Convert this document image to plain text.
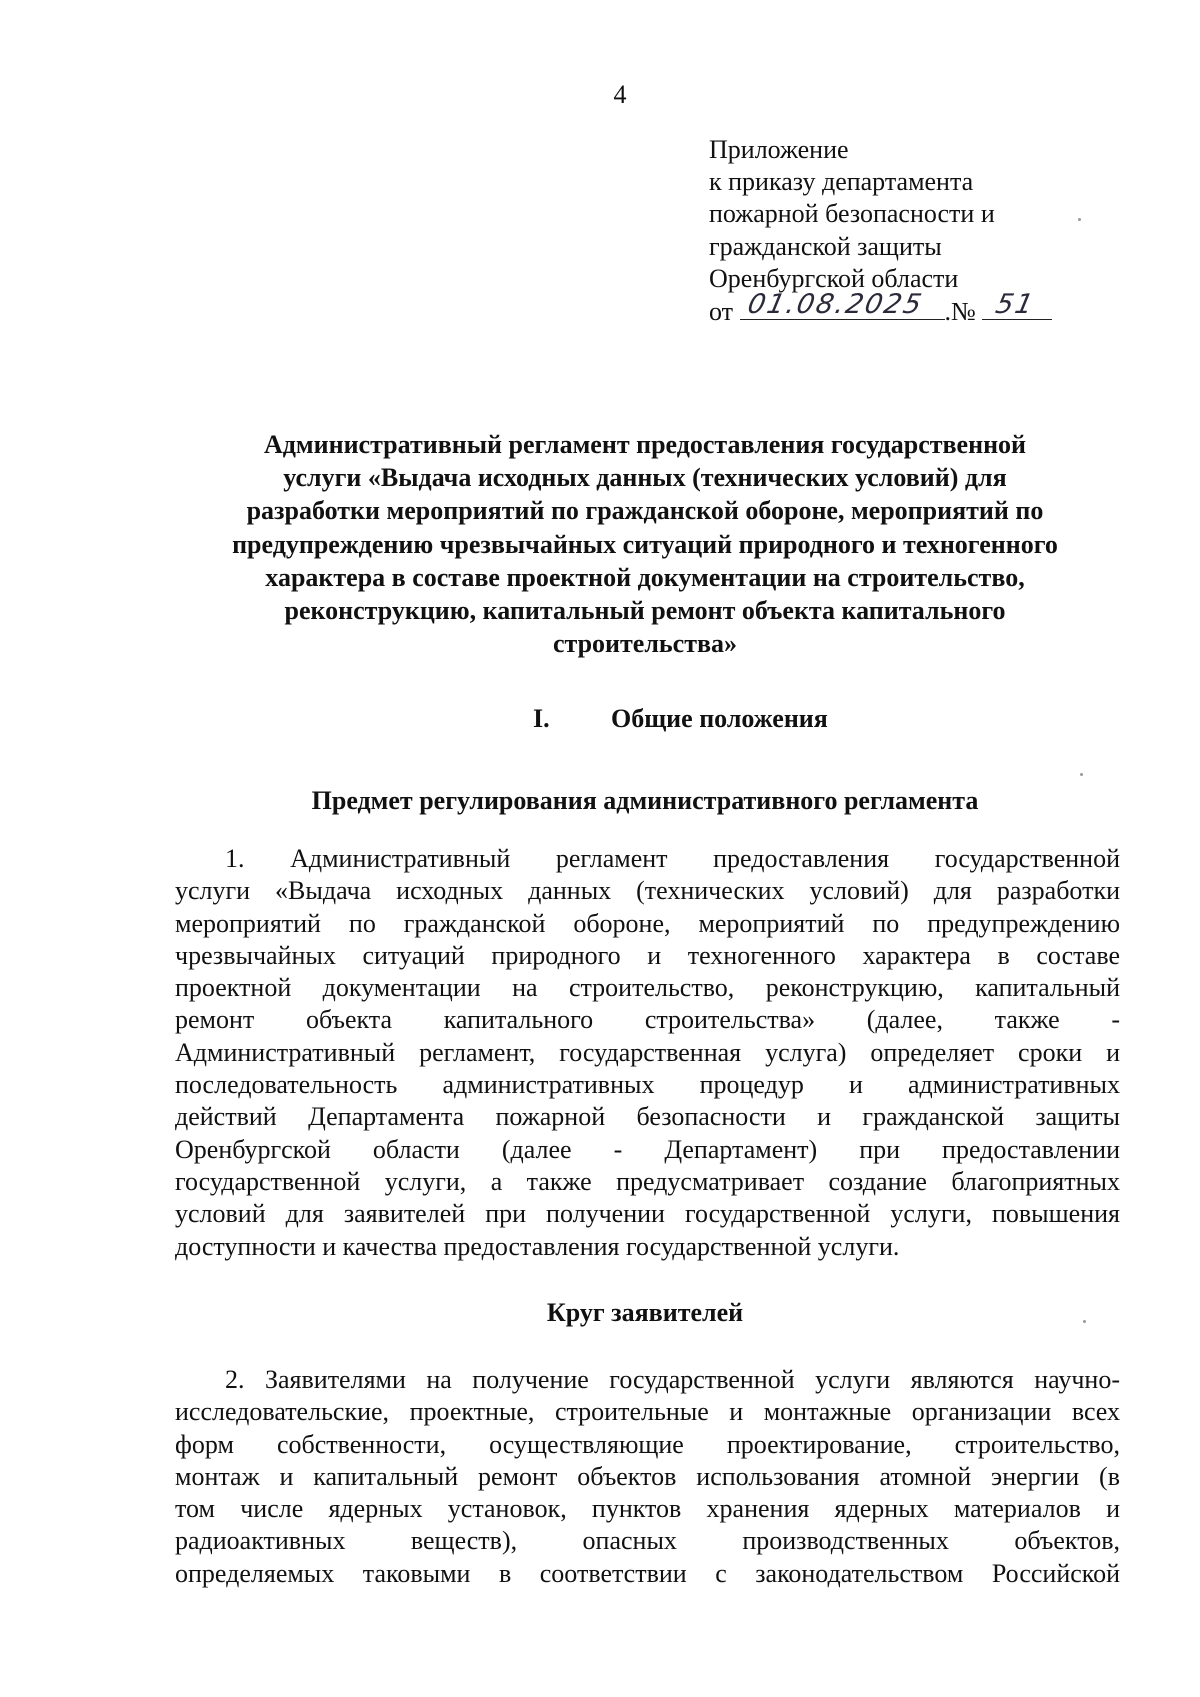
4
Приложение
к приказу департамента
пожарной безопасности и
гражданской защиты
Оренбургской области
от 01.08.2025 .№ 51
Административный регламент предоставления государственной
услуги «Выдача исходных данных (технических условий) для
разработки мероприятий по гражданской обороне, мероприятий по
предупреждению чрезвычайных ситуаций природного и техногенного
характера в составе проектной документации на строительство,
реконструкцию, капитальный ремонт объекта капитального
строительства»
I. Общие положения
Предмет регулирования административного регламента
1. Административный регламент предоставления государственной
услуги «Выдача исходных данных (технических условий) для разработки
мероприятий по гражданской обороне, мероприятий по предупреждению
чрезвычайных ситуаций природного и техногенного характера в составе
проектной документации на строительство, реконструкцию, капитальный
ремонт объекта капитального строительства» (далее, также -
Административный регламент, государственная услуга) определяет сроки и
последовательность административных процедур и административных
действий Департамента пожарной безопасности и гражданской защиты
Оренбургской области (далее - Департамент) при предоставлении
государственной услуги, а также предусматривает создание благоприятных
условий для заявителей при получении государственной услуги, повышения
доступности и качества предоставления государственной услуги.
Круг заявителей
2. Заявителями на получение государственной услуги являются научно-
исследовательские, проектные, строительные и монтажные организации всех
форм собственности, осуществляющие проектирование, строительство,
монтаж и капитальный ремонт объектов использования атомной энергии (в
том числе ядерных установок, пунктов хранения ядерных материалов и
радиоактивных веществ), опасных производственных объектов,
определяемых таковыми в соответствии с законодательством Российской
